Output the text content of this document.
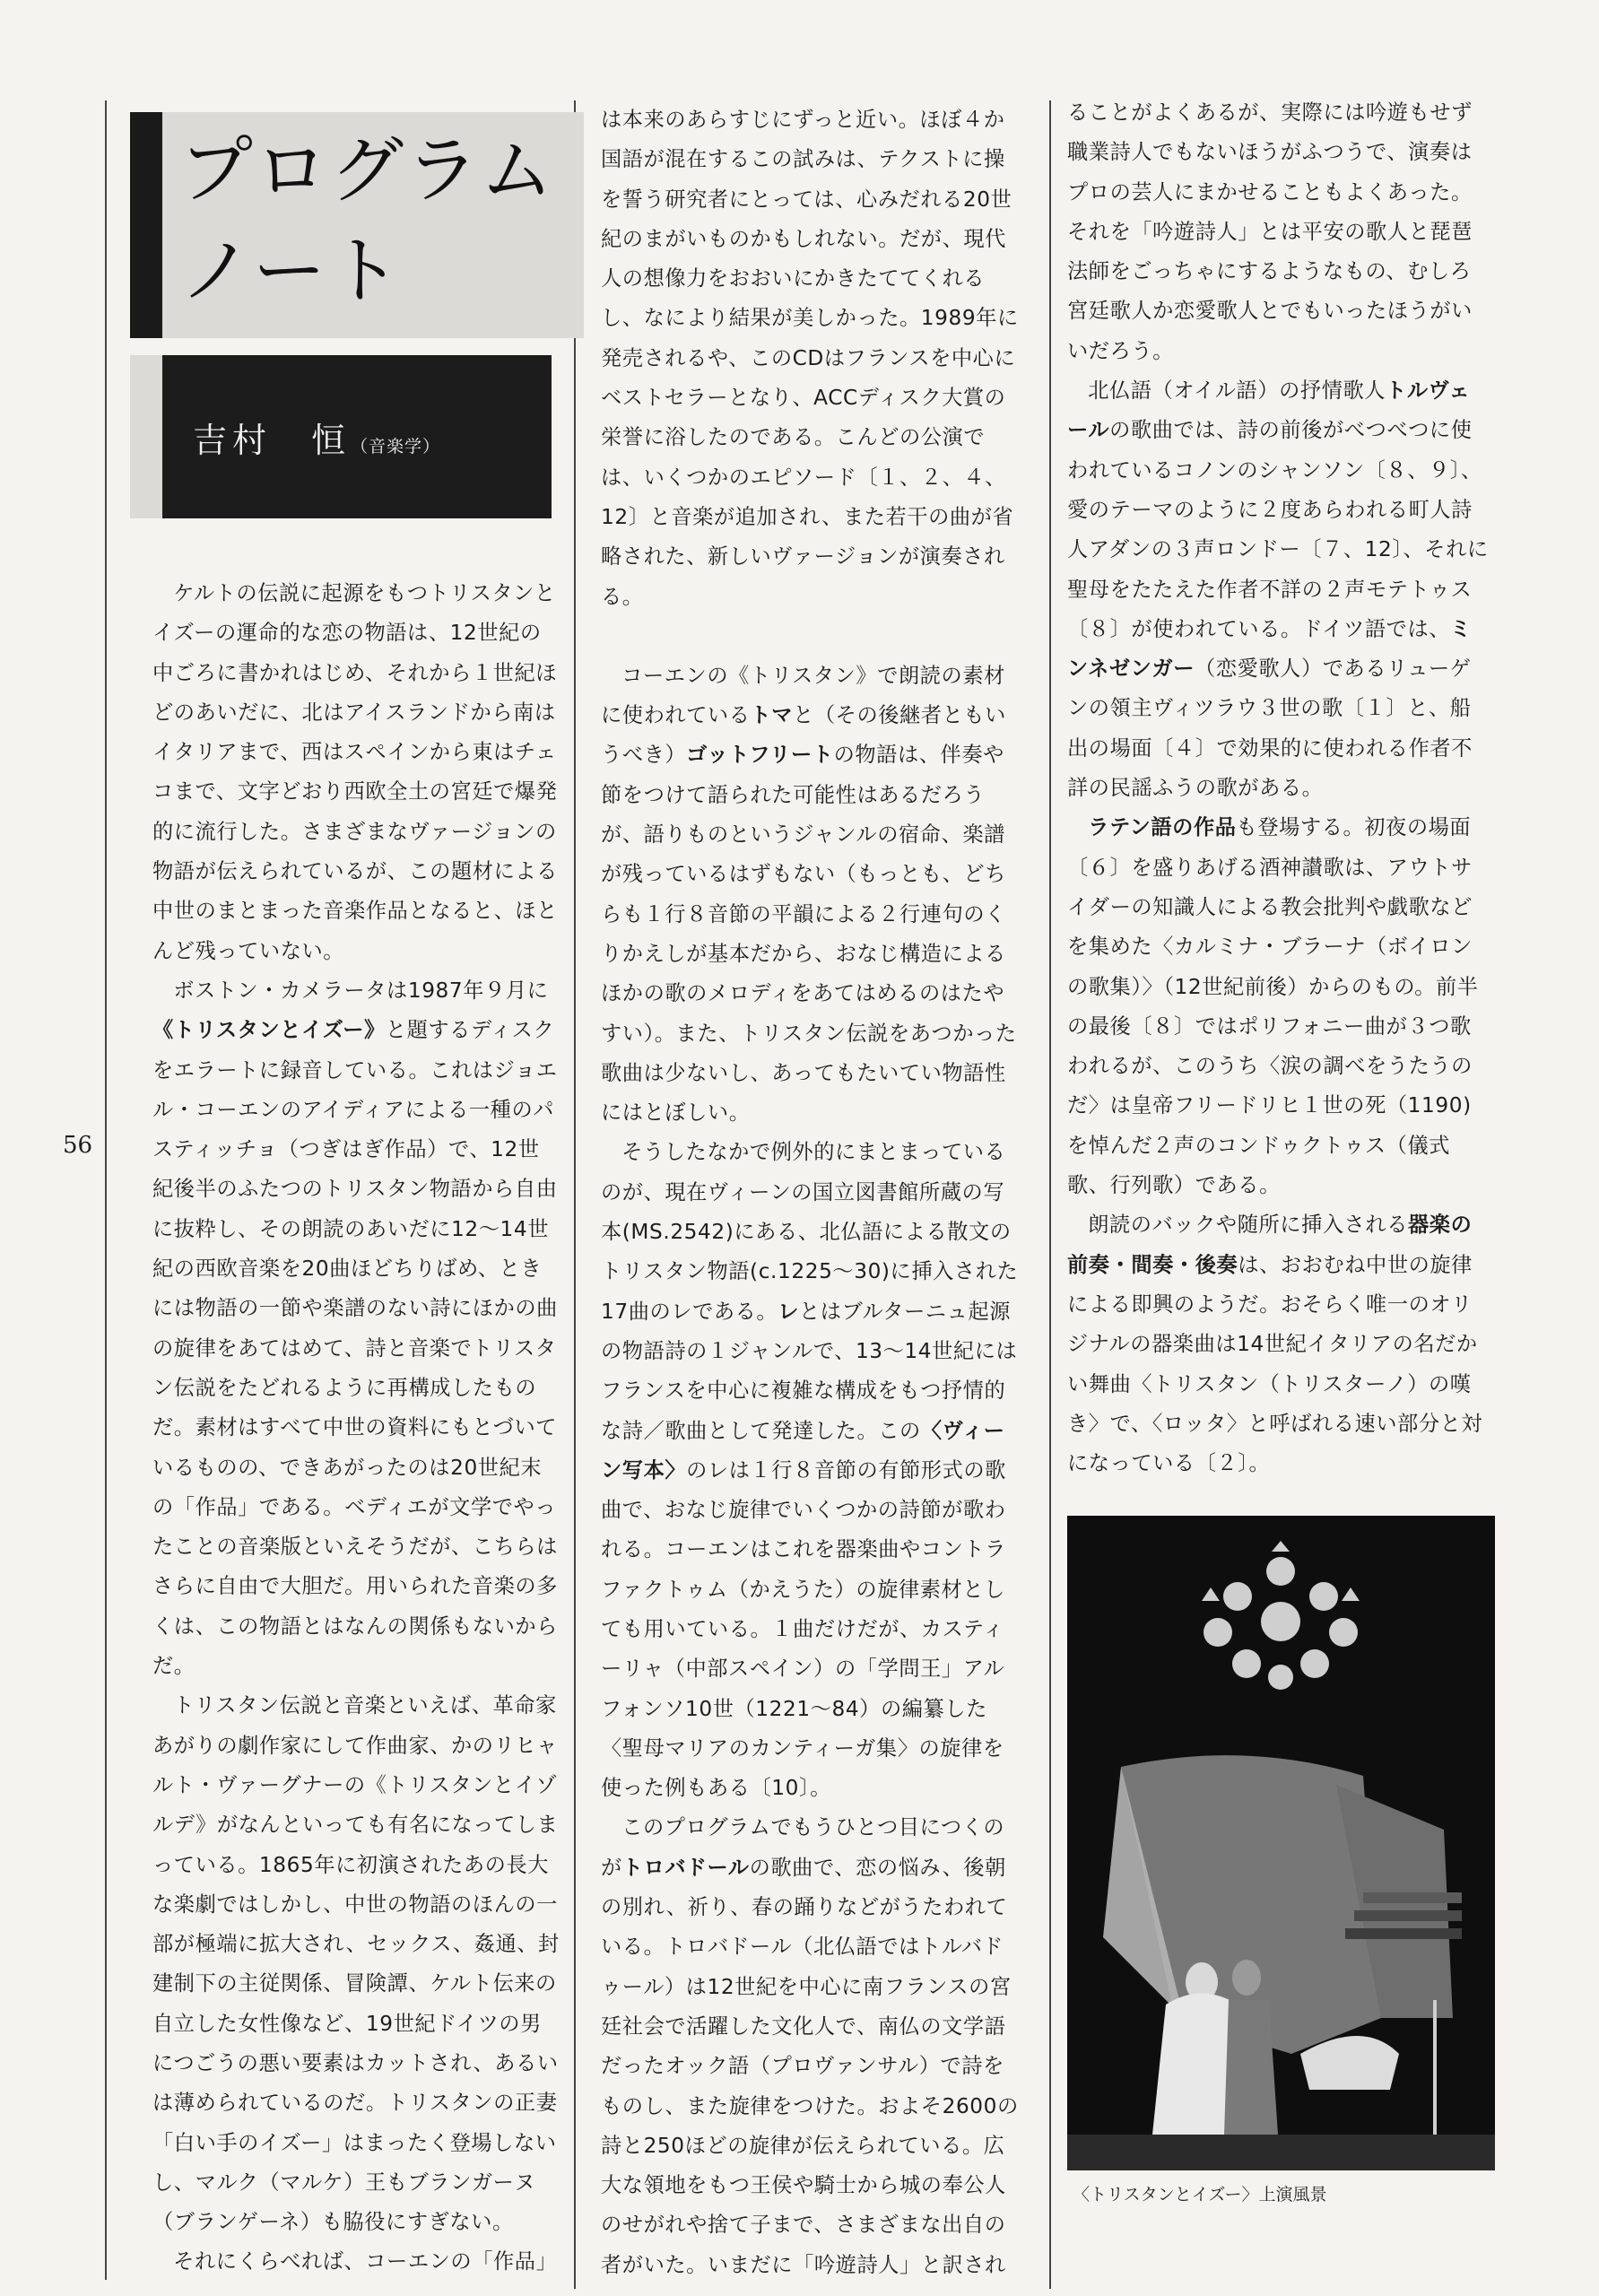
プログラム
ノート
吉村　恒（音楽学）
56

ケルトの伝説に起源をもつトリスタンとイズーの運命的な恋の物語は、12世紀の中ごろに書かれはじめ、それから１世紀ほどのあいだに、北はアイスランドから南はイタリアまで、西はスペインから東はチェコまで、文字どおり西欧全土の宮廷で爆発的に流行した。さまざまなヴァージョンの物語が伝えられているが、この題材による中世のまとまった音楽作品となると、ほとんど残っていない。

ボストン・カメラータは1987年９月に《トリスタンとイズー》と題するディスクをエラートに録音している。これはジョエル・コーエンのアイディアによる一種のパスティッチョ（つぎはぎ作品）で、12世紀後半のふたつのトリスタン物語から自由に抜粋し、その朗読のあいだに12〜14世紀の西欧音楽を20曲ほどちりばめ、ときには物語の一節や楽譜のない詩にほかの曲の旋律をあてはめて、詩と音楽でトリスタン伝説をたどれるように再構成したものだ。素材はすべて中世の資料にもとづいているものの、できあがったのは20世紀末の「作品」である。ベディエが文学でやったことの音楽版といえそうだが、こちらはさらに自由で大胆だ。用いられた音楽の多くは、この物語とはなんの関係もないからだ。

トリスタン伝説と音楽といえば、革命家あがりの劇作家にして作曲家、かのリヒャルト・ヴァーグナーの《トリスタンとイゾルデ》がなんといっても有名になってしまっている。1865年に初演されたあの長大な楽劇ではしかし、中世の物語のほんの一部が極端に拡大され、セックス、姦通、封建制下の主従関係、冒険譚、ケルト伝来の自立した女性像など、19世紀ドイツの男につごうの悪い要素はカットされ、あるいは薄められているのだ。トリスタンの正妻「白い手のイズー」はまったく登場しないし、マルク（マルケ）王もブランガーヌ（ブランゲーネ）も脇役にすぎない。

それにくらべれば、コーエンの「作品」

は本来のあらすじにずっと近い。ほぼ４か国語が混在するこの試みは、テクストに操を誓う研究者にとっては、心みだれる20世紀のまがいものかもしれない。だが、現代人の想像力をおおいにかきたててくれるし、なにより結果が美しかった。1989年に発売されるや、このCDはフランスを中心にベストセラーとなり、ACCディスク大賞の栄誉に浴したのである。こんどの公演では、いくつかのエピソード〔１、２、４、12〕と音楽が追加され、また若干の曲が省略された、新しいヴァージョンが演奏される。

コーエンの《トリスタン》で朗読の素材に使われているトマと（その後継者ともいうべき）ゴットフリートの物語は、伴奏や節をつけて語られた可能性はあるだろうが、語りものというジャンルの宿命、楽譜が残っているはずもない（もっとも、どちらも１行８音節の平韻による２行連句のくりかえしが基本だから、おなじ構造によるほかの歌のメロディをあてはめるのはたやすい）。また、トリスタン伝説をあつかった歌曲は少ないし、あってもたいてい物語性にはとぼしい。

そうしたなかで例外的にまとまっているのが、現在ヴィーンの国立図書館所蔵の写本(MS.2542)にある、北仏語による散文のトリスタン物語(c.1225〜30)に挿入された17曲のレである。レとはブルターニュ起源の物語詩の１ジャンルで、13〜14世紀にはフランスを中心に複雑な構成をもつ抒情的な詩／歌曲として発達した。この〈ヴィーン写本〉のレは１行８音節の有節形式の歌曲で、おなじ旋律でいくつかの詩節が歌われる。コーエンはこれを器楽曲やコントラファクトゥム（かえうた）の旋律素材としても用いている。１曲だけだが、カスティーリャ（中部スペイン）の「学問王」アルフォンソ10世（1221〜84）の編纂した〈聖母マリアのカンティーガ集〉の旋律を使った例もある〔10〕。

このプログラムでもうひとつ目につくのがトロバドールの歌曲で、恋の悩み、後朝の別れ、祈り、春の踊りなどがうたわれている。トロバドール（北仏語ではトルバドゥール）は12世紀を中心に南フランスの宮廷社会で活躍した文化人で、南仏の文学語だったオック語（プロヴァンサル）で詩をものし、また旋律をつけた。およそ2600の詩と250ほどの旋律が伝えられている。広大な領地をもつ王侯や騎士から城の奉公人のせがれや捨て子まで、さまざまな出自の者がいた。いまだに「吟遊詩人」と訳され

ることがよくあるが、実際には吟遊もせず職業詩人でもないほうがふつうで、演奏はプロの芸人にまかせることもよくあった。それを「吟遊詩人」とは平安の歌人と琵琶法師をごっちゃにするようなもの、むしろ宮廷歌人か恋愛歌人とでもいったほうがいいだろう。

北仏語（オイル語）の抒情歌人トルヴェールの歌曲では、詩の前後がべつべつに使われているコノンのシャンソン〔８、９〕、愛のテーマのように２度あらわれる町人詩人アダンの３声ロンドー〔７、12〕、それに聖母をたたえた作者不詳の２声モテトゥス〔８〕が使われている。ドイツ語では、ミンネゼンガー（恋愛歌人）であるリューゲンの領主ヴィツラウ３世の歌〔１〕と、船出の場面〔４〕で効果的に使われる作者不詳の民謡ふうの歌がある。

ラテン語の作品も登場する。初夜の場面〔６〕を盛りあげる酒神讃歌は、アウトサイダーの知識人による教会批判や戯歌などを集めた〈カルミナ・ブラーナ（ボイロンの歌集）〉（12世紀前後）からのもの。前半の最後〔８〕ではポリフォニー曲が３つ歌われるが、このうち〈涙の調べをうたうのだ〉は皇帝フリードリヒ１世の死（1190)を悼んだ２声のコンドゥクトゥス（儀式歌、行列歌）である。

朗読のバックや随所に挿入される器楽の前奏・間奏・後奏は、おおむね中世の旋律による即興のようだ。おそらく唯一のオリジナルの器楽曲は14世紀イタリアの名だかい舞曲〈トリスタン（トリスターノ）の嘆き〉で、〈ロッタ〉と呼ばれる速い部分と対になっている〔２〕。

〈トリスタンとイズー〉上演風景
